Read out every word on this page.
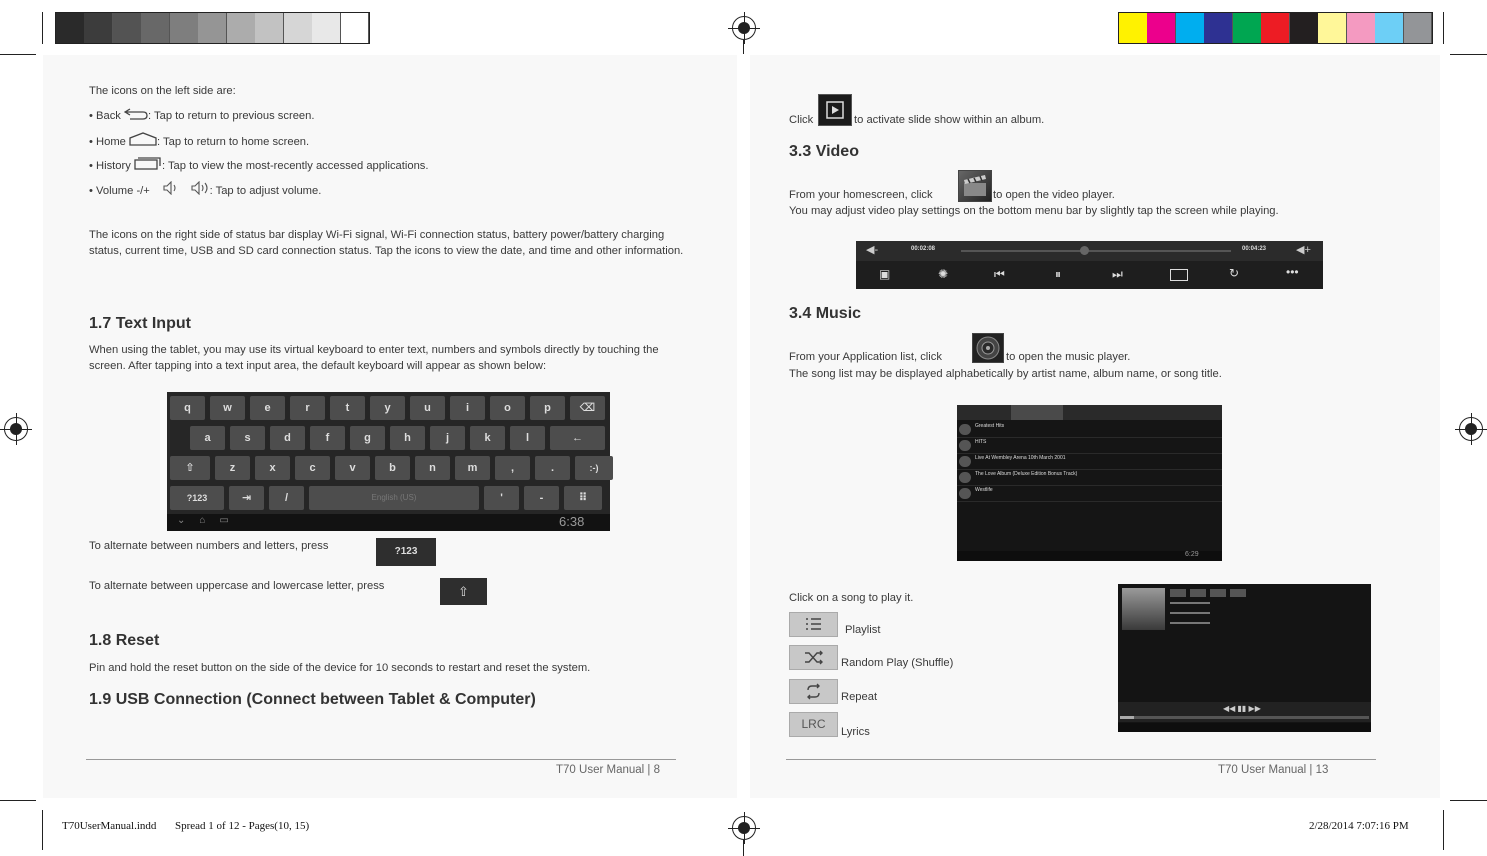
The icons on the left side are:
• Back : Tap to return to previous screen.
• Home	: Tap to return to home screen.
• History	: Tap to view the most-recently accessed applications.
• Volume -/+	: Tap to adjust volume.
The icons on the right side of status bar display Wi-Fi signal, Wi-Fi connection status, battery power/battery charging status, current time, USB and SD card connection status. Tap the icons to view the date, and time and other information.
1.7 Text Input
When using the tablet, you may use its virtual keyboard to enter text, numbers and symbols directly by touching the screen. After tapping into a text input area, the default keyboard will appear as shown below:
q	w	e	r	t	y	u	i	o	p	⌫
a	s	d	f	g	h	j	k	l	←
⇧	z	x	c	v	b	n	m	,	.	:-)
?123	⇥	/	English (US)	'	-	⠿
⌄⌂▭	6:38
To alternate between numbers and letters, press	?123
To alternate between uppercase and lowercase letter, press	⇧
1.8 Reset
Pin and hold the reset button on the side of the device for 10 seconds to restart and reset the system.
1.9 USB Connection (Connect between Tablet & Computer)
T70 User Manual | 8
Click	to activate slide show within an album.
3.3 Video
From your homescreen, click	to open the video player.
You may adjust video play settings on the bottom menu bar by slightly tap the screen while playing.
◀-	00:02:08	00:04:23	◀+
▣	✺	⏮	⏸	⏭	↻	•••
3.4 Music
From your Application list, click	to open the music player.
The song list may be displayed alphabetically by artist name, album name, or song title.
Greatest Hits
HITS
Live At Wembley Arena 10th March 2001
The Love Album (Deluxe Edition Bonus Track)
Westlife
6:29
Click on a song to play it.
Playlist
Random Play (Shuffle)
Repeat
LRC
Lyrics
◀◀ ▮▮ ▶▶
T70 User Manual | 13
T70UserManual.indd Spread 1 of 12 - Pages(10, 15)	2/28/2014 7:07:16 PM
